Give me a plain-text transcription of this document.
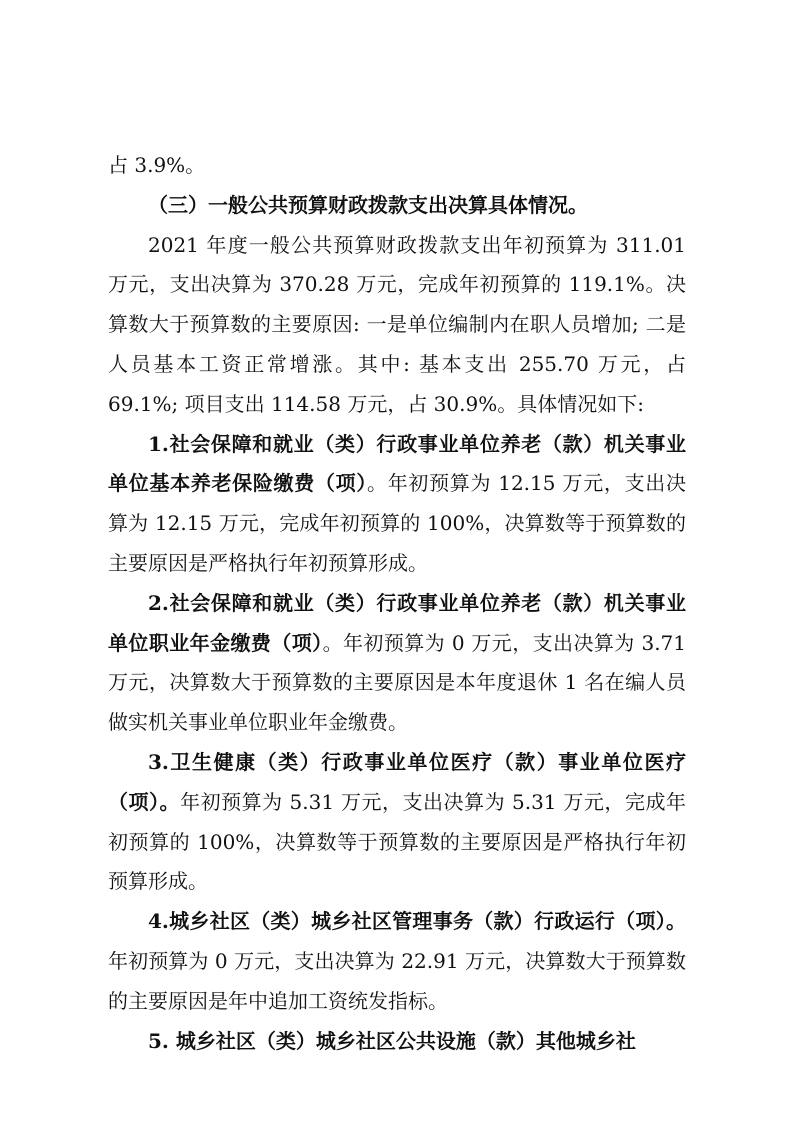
占 3.9%。

（三）一般公共预算财政拨款支出决算具体情况。

2021 年度一般公共预算财政拨款支出年初预算为 311.01 万元，支出决算为 370.28 万元，完成年初预算的 119.1%。决算数大于预算数的主要原因: 一是单位编制内在职人员增加; 二是人员基本工资正常增涨。其中: 基本支出 255.70 万元，占 69.1%; 项目支出 114.58 万元，占 30.9%。具体情况如下:

1.社会保障和就业（类）行政事业单位养老（款）机关事业单位基本养老保险缴费（项）。年初预算为 12.15 万元，支出决算为 12.15 万元，完成年初预算的 100%，决算数等于预算数的主要原因是严格执行年初预算形成。

2.社会保障和就业（类）行政事业单位养老（款）机关事业单位职业年金缴费（项）。年初预算为 0 万元，支出决算为 3.71 万元，决算数大于预算数的主要原因是本年度退休 1 名在编人员做实机关事业单位职业年金缴费。

3.卫生健康（类）行政事业单位医疗（款）事业单位医疗（项）。年初预算为 5.31 万元，支出决算为 5.31 万元，完成年初预算的 100%，决算数等于预算数的主要原因是严格执行年初预算形成。

4.城乡社区（类）城乡社区管理事务（款）行政运行（项）。年初预算为 0 万元，支出决算为 22.91 万元，决算数大于预算数的主要原因是年中追加工资统发指标。

5. 城乡社区（类）城乡社区公共设施（款）其他城乡社
